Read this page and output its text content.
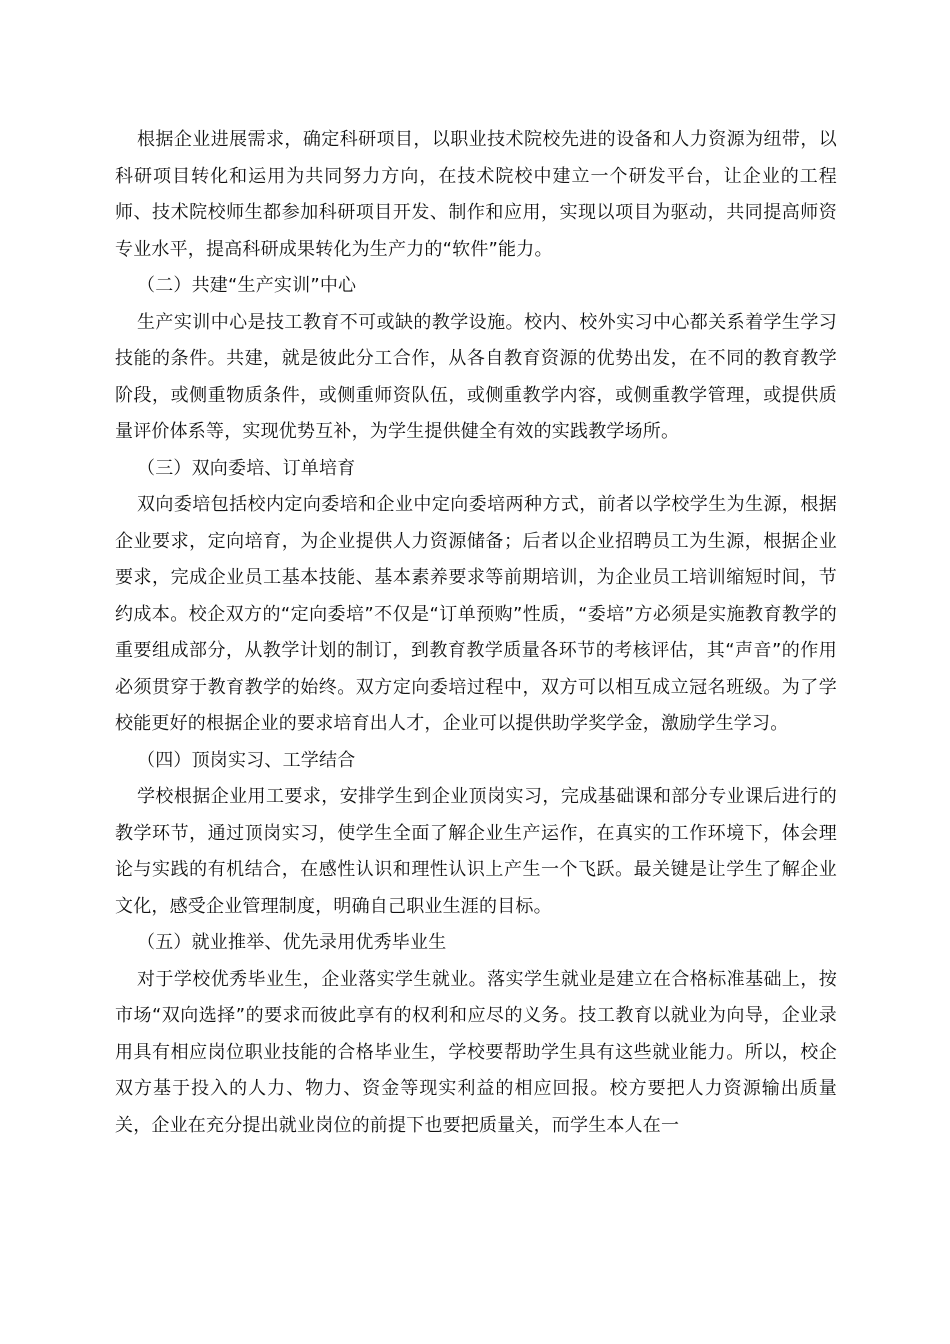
根据企业进展需求，确定科研项目，以职业技术院校先进的设备和人力资源为纽带，以科研项目转化和运用为共同努力方向，在技术院校中建立一个研发平台，让企业的工程师、技术院校师生都参加科研项目开发、制作和应用，实现以项目为驱动，共同提高师资专业水平，提高科研成果转化为生产力的“软件”能力。

（二）共建“生产实训”中心

生产实训中心是技工教育不可或缺的教学设施。校内、校外实习中心都关系着学生学习技能的条件。共建，就是彼此分工合作，从各自教育资源的优势出发，在不同的教育教学阶段，或侧重物质条件，或侧重师资队伍，或侧重教学内容，或侧重教学管理，或提供质量评价体系等，实现优势互补，为学生提供健全有效的实践教学场所。

（三）双向委培、订单培育

双向委培包括校内定向委培和企业中定向委培两种方式，前者以学校学生为生源，根据企业要求，定向培育，为企业提供人力资源储备；后者以企业招聘员工为生源，根据企业要求，完成企业员工基本技能、基本素养要求等前期培训，为企业员工培训缩短时间，节约成本。校企双方的“定向委培”不仅是“订单预购”性质，“委培”方必须是实施教育教学的重要组成部分，从教学计划的制订，到教育教学质量各环节的考核评估，其“声音”的作用必须贯穿于教育教学的始终。双方定向委培过程中，双方可以相互成立冠名班级。为了学校能更好的根据企业的要求培育出人才，企业可以提供助学奖学金，激励学生学习。

（四）顶岗实习、工学结合

学校根据企业用工要求，安排学生到企业顶岗实习，完成基础课和部分专业课后进行的教学环节，通过顶岗实习，使学生全面了解企业生产运作，在真实的工作环境下，体会理论与实践的有机结合，在感性认识和理性认识上产生一个飞跃。最关键是让学生了解企业文化，感受企业管理制度，明确自己职业生涯的目标。

（五）就业推举、优先录用优秀毕业生

对于学校优秀毕业生，企业落实学生就业。落实学生就业是建立在合格标准基础上，按市场“双向选择”的要求而彼此享有的权利和应尽的义务。技工教育以就业为向导，企业录用具有相应岗位职业技能的合格毕业生，学校要帮助学生具有这些就业能力。所以，校企双方基于投入的人力、物力、资金等现实利益的相应回报。校方要把人力资源输出质量关，企业在充分提出就业岗位的前提下也要把质量关，而学生本人在一
